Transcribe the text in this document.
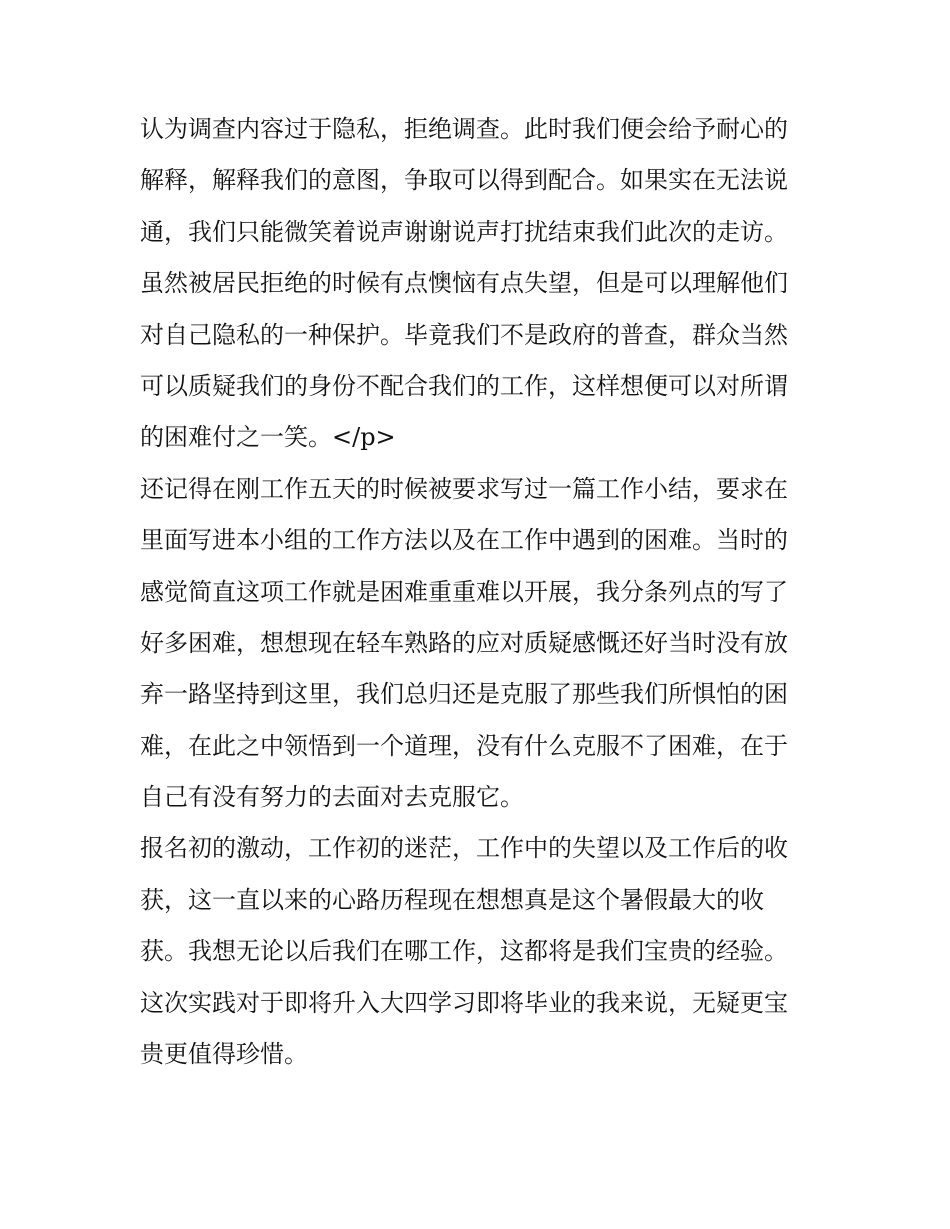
认为调查内容过于隐私，拒绝调查。此时我们便会给予耐心的
解释，解释我们的意图，争取可以得到配合。如果实在无法说
通，我们只能微笑着说声谢谢说声打扰结束我们此次的走访。
虽然被居民拒绝的时候有点懊恼有点失望，但是可以理解他们
对自己隐私的一种保护。毕竟我们不是政府的普查，群众当然
可以质疑我们的身份不配合我们的工作，这样想便可以对所谓
的困难付之一笑。</p>
还记得在刚工作五天的时候被要求写过一篇工作小结，要求在
里面写进本小组的工作方法以及在工作中遇到的困难。当时的
感觉简直这项工作就是困难重重难以开展，我分条列点的写了
好多困难，想想现在轻车熟路的应对质疑感慨还好当时没有放
弃一路坚持到这里，我们总归还是克服了那些我们所惧怕的困
难，在此之中领悟到一个道理，没有什么克服不了困难，在于
自己有没有努力的去面对去克服它。
报名初的激动，工作初的迷茫，工作中的失望以及工作后的收
获，这一直以来的心路历程现在想想真是这个暑假最大的收
获。我想无论以后我们在哪工作，这都将是我们宝贵的经验。
这次实践对于即将升入大四学习即将毕业的我来说，无疑更宝
贵更值得珍惜。
